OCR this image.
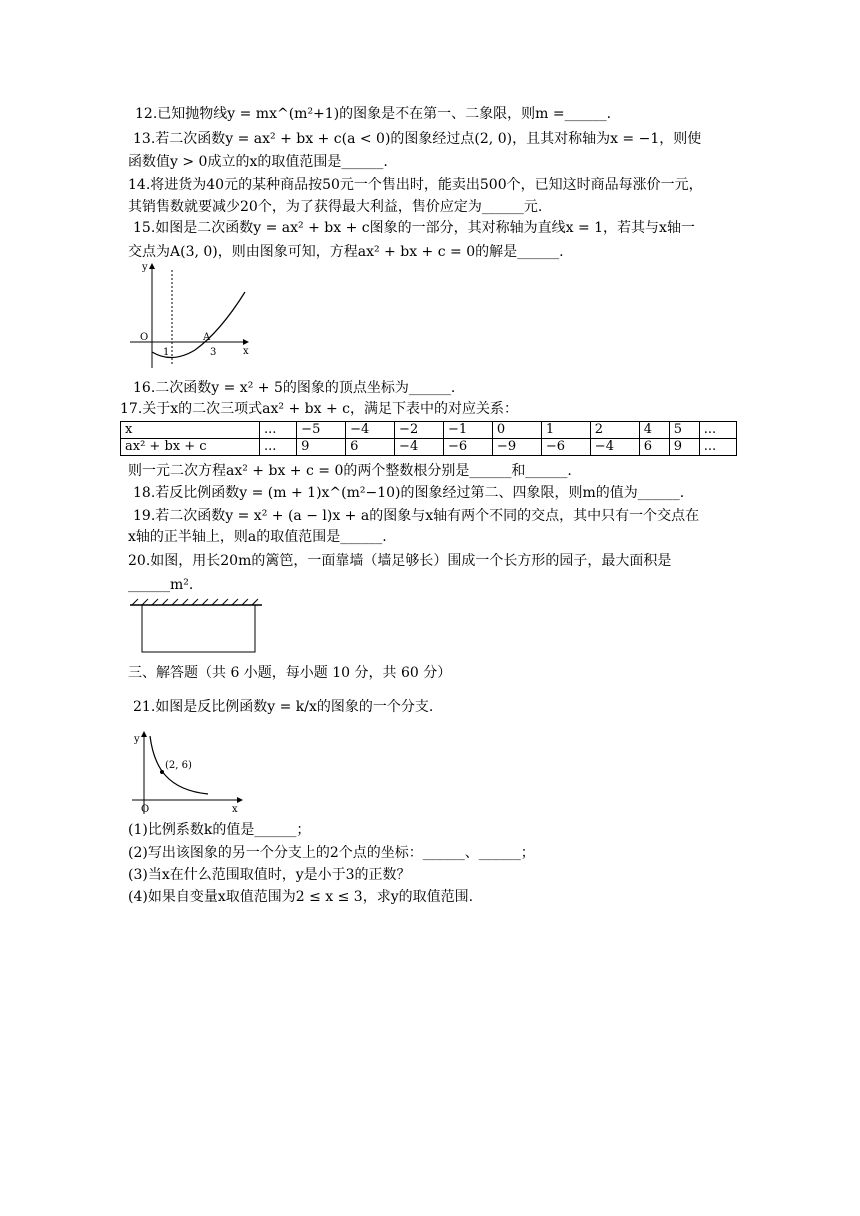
12.已知抛物线y = mx^(m²+1)的图象是不在第一、二象限，则m =______.
13.若二次函数y = ax² + bx + c(a < 0)的图象经过点(2, 0)，且其对称轴为x = −1，则使
函数值y > 0成立的x的取值范围是______.
14.将进货为40元的某种商品按50元一个售出时，能卖出500个，已知这时商品每涨价一元，
其销售数就要减少20个，为了获得最大利益，售价应定为______元.
15.如图是二次函数y = ax² + bx + c图象的一部分，其对称轴为直线x = 1，若其与x轴一
交点为A(3, 0)，则由图象可知，方程ax² + bx + c = 0的解是______.
y
O	A
1	3	x
16.二次函数y = x² + 5的图象的顶点坐标为______.
17.关于x的二次三项式ax² + bx + c，满足下表中的对应关系：
x	...	−5	−4	−2	−1	0	1	2	4	5	...
ax² + bx + c	...	9	6	−4	−6	−9	−6	−4	6	9	...
则一元二次方程ax² + bx + c = 0的两个整数根分别是______和______.
18.若反比例函数y = (m + 1)x^(m²−10)的图象经过第二、四象限，则m的值为______.
19.若二次函数y = x² + (a − l)x + a的图象与x轴有两个不同的交点，其中只有一个交点在
x轴的正半轴上，则a的取值范围是______.
20.如图，用长20m的篱笆，一面靠墙（墙足够长）围成一个长方形的园子，最大面积是
______m².
三、解答题（共 6 小题，每小题 10 分，共 60 分）
21.如图是反比例函数y = k/x的图象的一个分支.
y
(2, 6)
O	x
(1)比例系数k的值是______；
(2)写出该图象的另一个分支上的2个点的坐标：______、______；
(3)当x在什么范围取值时，y是小于3的正数？
(4)如果自变量x取值范围为2 ≤ x ≤ 3，求y的取值范围.
